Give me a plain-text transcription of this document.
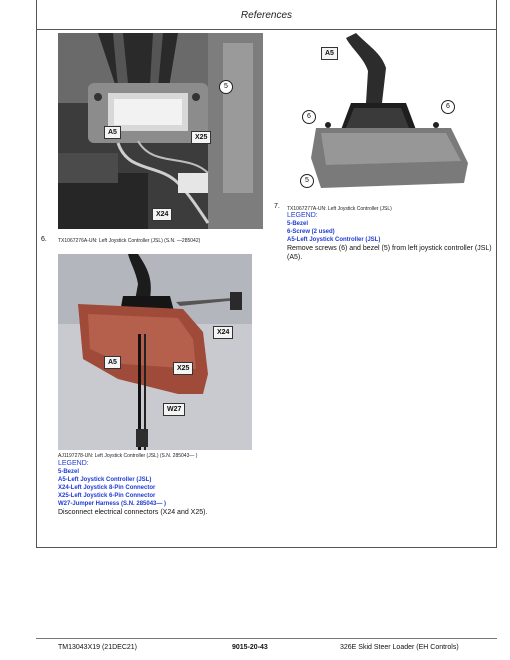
References
A5
X25
X24
5
6. TX1067276A-UN: Left Joystick Controller (JSL) (S.N. —285042)
A5
6
6
5
7. TX1067277A-UN: Left Joystick Controller (JSL)
LEGEND:
5-Bezel
6-Screw (2 used)
A5-Left Joystick Controller (JSL)
Remove screws (6) and bezel (5) from left joystick controller (JSL) (A5).
X24
A5
X25
W27
AJ1197278-UN: Left Joystick Controller (JSL) (S.N. 285043— )
LEGEND:
5-Bezel
A5-Left Joystick Controller (JSL)
X24-Left Joystick 8-Pin Connector
X25-Left Joystick 6-Pin Connector
W27-Jumper Harness (S.N. 285043— )
Disconnect electrical connectors (X24 and X25).
TM13043X19 (21DEC21)	9015-20-43	326E Skid Steer Loader (EH Controls)
